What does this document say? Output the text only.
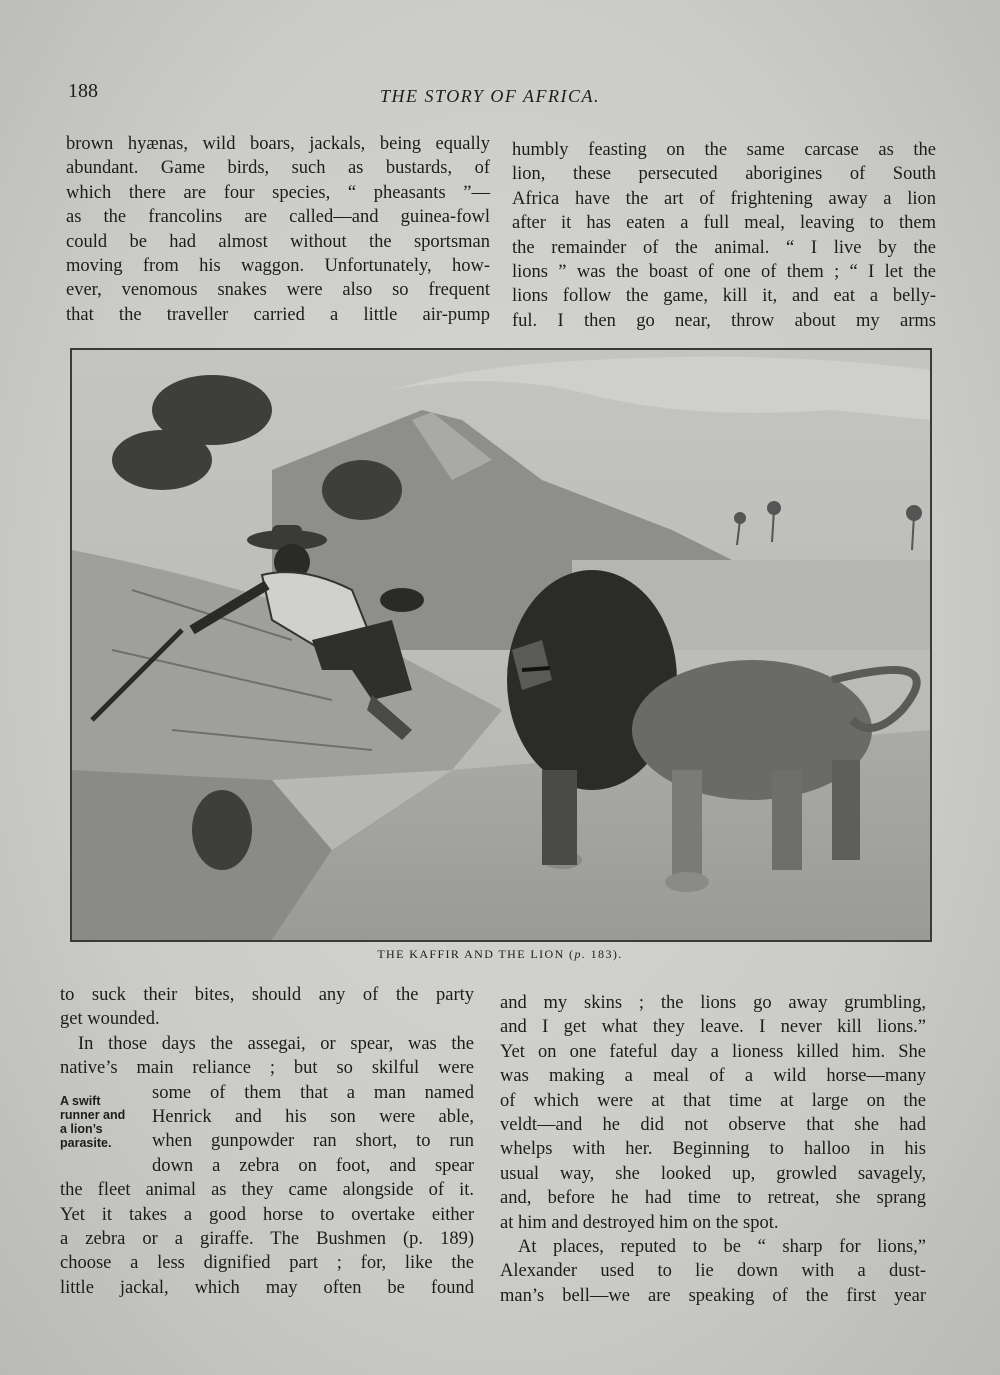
188	THE STORY OF AFRICA.

brown hyænas, wild boars, jackals, being equally

abundant. Game birds, such as bustards, of

which there are four species, “ pheasants ”—

as the francolins are called—and guinea-fowl

could be had almost without the sportsman

moving from his waggon. Unfortunately, how-

ever, venomous snakes were also so frequent

that the traveller carried a little air-pump

humbly feasting on the same carcase as the

lion, these persecuted aborigines of South

Africa have the art of frightening away a lion

after it has eaten a full meal, leaving to them

the remainder of the animal. “ I live by the

lions ” was the boast of one of them ; “ I let the

lions follow the game, kill it, and eat a belly-

ful. I then go near, throw about my arms

THE KAFFIR AND THE LION (p. 183).

to suck their bites, should any of the party

get wounded.

In those days the assegai, or spear, was the

native’s main reliance ; but so skilful were

some of them that a man named

Henrick and his son were able,

when gunpowder ran short, to run

down a zebra on foot, and spear

the fleet animal as they came alongside of it.

Yet it takes a good horse to overtake either

a zebra or a giraffe. The Bushmen (p. 189)

choose a less dignified part ; for, like the

little jackal, which may often be found

A swift
runner and
a lion’s
parasite.

and my skins ; the lions go away grumbling,

and I get what they leave. I never kill lions.”

Yet on one fateful day a lioness killed him. She

was making a meal of a wild horse—many

of which were at that time at large on the

veldt—and he did not observe that she had

whelps with her. Beginning to halloo in his

usual way, she looked up, growled savagely,

and, before he had time to retreat, she sprang

at him and destroyed him on the spot.

At places, reputed to be “ sharp for lions,”

Alexander used to lie down with a dust-

man’s bell—we are speaking of the first year
